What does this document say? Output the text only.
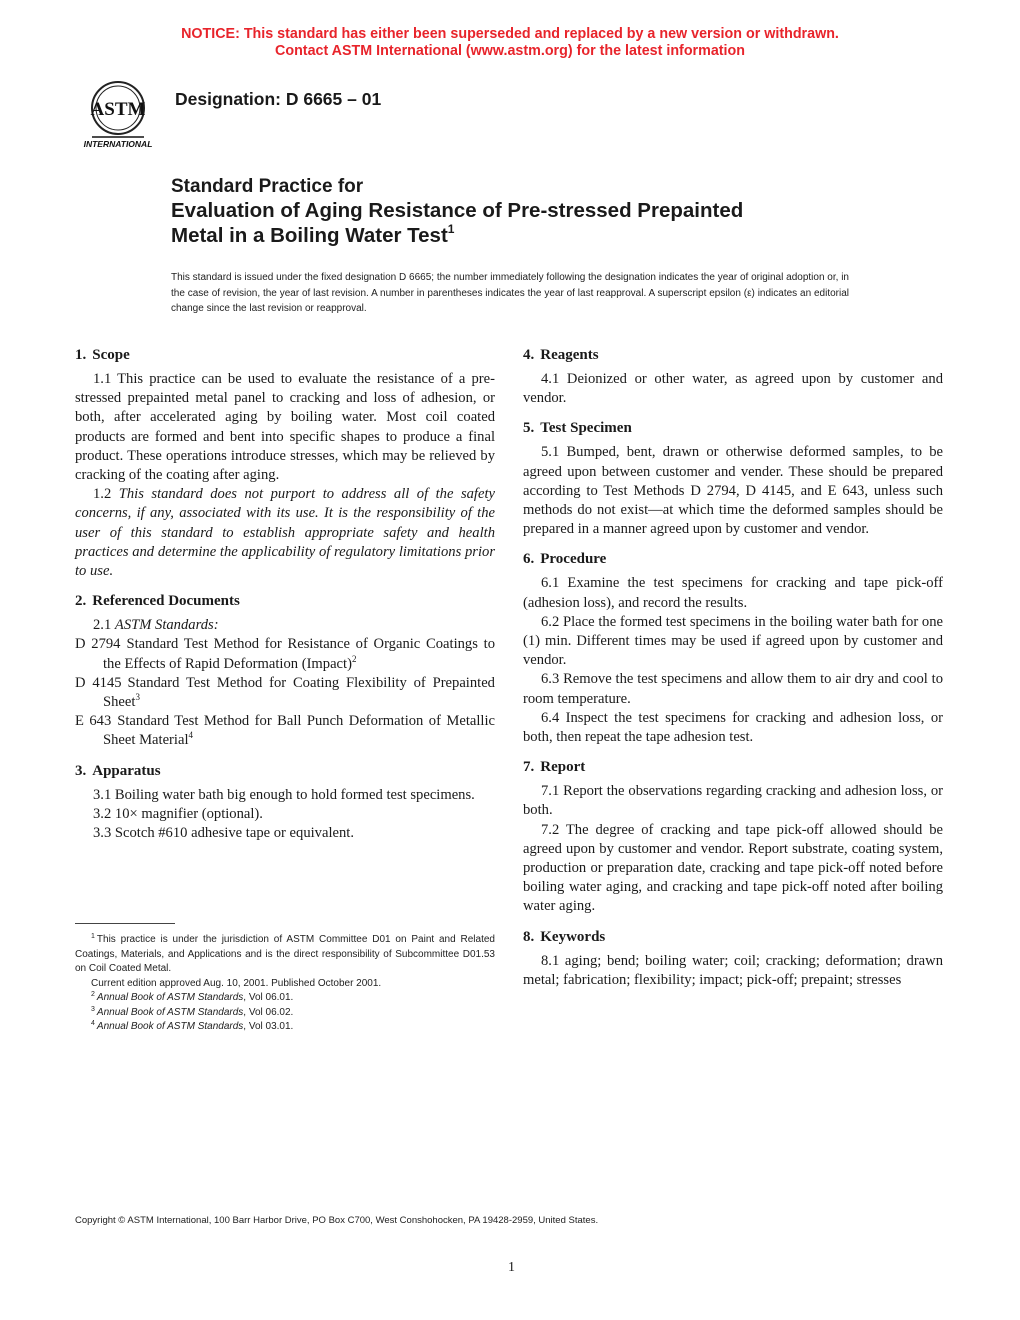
NOTICE: This standard has either been superseded and replaced by a new version or withdrawn.
Contact ASTM International (www.astm.org) for the latest information
ASTM
INTERNATIONAL
Designation: D 6665 – 01
Standard Practice for
Evaluation of Aging Resistance of Pre-stressed Prepainted
Metal in a Boiling Water Test$^1$
This standard is issued under the fixed designation D 6665; the number immediately following the designation indicates the year of original adoption or, in the case of revision, the year of last revision. A number in parentheses indicates the year of last reapproval. A superscript epsilon (ε) indicates an editorial change since the last revision or reapproval.
1. Scope

1.1 This practice can be used to evaluate the resistance of a pre-stressed prepainted metal panel to cracking and loss of adhesion, or both, after accelerated aging by boiling water. Most coil coated products are formed and bent into specific shapes to produce a final product. These operations introduce stresses, which may be relieved by cracking of the coating after aging.

1.2 This standard does not purport to address all of the safety concerns, if any, associated with its use. It is the responsibility of the user of this standard to establish appropriate safety and health practices and determine the applicability of regulatory limitations prior to use.

2. Referenced Documents

2.1 ASTM Standards:

D 2794 Standard Test Method for Resistance of Organic Coatings to the Effects of Rapid Deformation (Impact)$^2$

D 4145 Standard Test Method for Coating Flexibility of Prepainted Sheet$^3$

E 643 Standard Test Method for Ball Punch Deformation of Metallic Sheet Material$^4$

3. Apparatus

3.1 Boiling water bath big enough to hold formed test specimens.

3.2 10× magnifier (optional).

3.3 Scotch #610 adhesive tape or equivalent.

4. Reagents

4.1 Deionized or other water, as agreed upon by customer and vendor.

5. Test Specimen

5.1 Bumped, bent, drawn or otherwise deformed samples, to be agreed upon between customer and vender. These should be prepared according to Test Methods D 2794, D 4145, and E 643, unless such methods do not exist—at which time the deformed samples should be prepared in a manner agreed upon by customer and vendor.

6. Procedure

6.1 Examine the test specimens for cracking and tape pick-off (adhesion loss), and record the results.

6.2 Place the formed test specimens in the boiling water bath for one (1) min. Different times may be used if agreed upon by customer and vendor.

6.3 Remove the test specimens and allow them to air dry and cool to room temperature.

6.4 Inspect the test specimens for cracking and adhesion loss, or both, then repeat the tape adhesion test.

7. Report

7.1 Report the observations regarding cracking and adhesion loss, or both.

7.2 The degree of cracking and tape pick-off allowed should be agreed upon by customer and vendor. Report substrate, coating system, production or preparation date, cracking and tape pick-off noted before boiling water aging, and cracking and tape pick-off noted after boiling water aging.

8. Keywords

8.1 aging; bend; boiling water; coil; cracking; deformation; drawn metal; fabrication; flexibility; impact; pick-off; prepaint; stresses

$^1$ This practice is under the jurisdiction of ASTM Committee D01 on Paint and Related Coatings, Materials, and Applications and is the direct responsibility of Subcommittee D01.53 on Coil Coated Metal.

Current edition approved Aug. 10, 2001. Published October 2001.

$^2$ Annual Book of ASTM Standards, Vol 06.01.

$^3$ Annual Book of ASTM Standards, Vol 06.02.

$^4$ Annual Book of ASTM Standards, Vol 03.01.

Copyright © ASTM International, 100 Barr Harbor Drive, PO Box C700, West Conshohocken, PA 19428-2959, United States.
1
